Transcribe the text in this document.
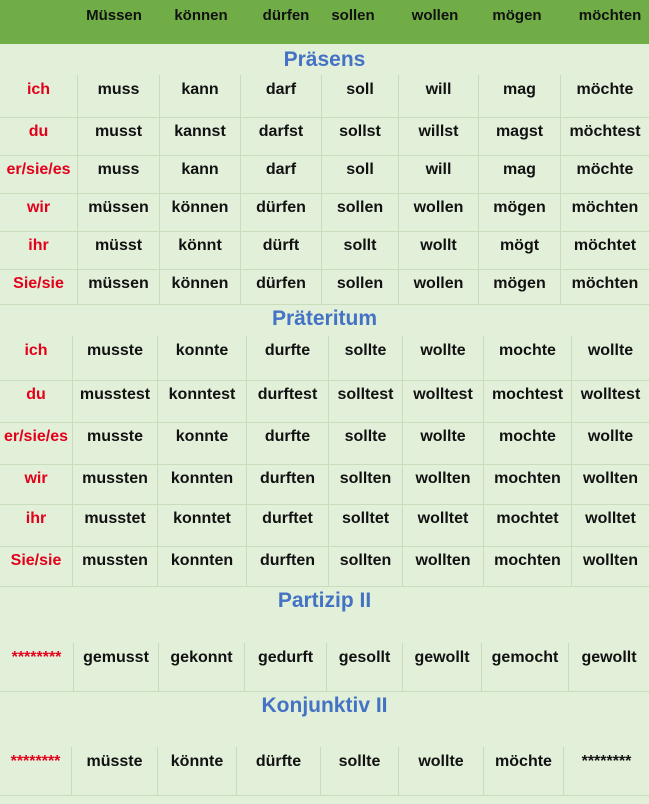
Müssen können dürfen sollen wollen mögen möchten
Präsens
ich	muss	kann	darf	soll	will	mag	möchte
du	musst	kannst	darfst	sollst	willst	magst	möchtest
er/sie/es	muss	kann	darf	soll	will	mag	möchte
wir	müssen	können	dürfen	sollen	wollen	mögen	möchten
ihr	müsst	könnt	dürft	sollt	wollt	mögt	möchtet
Sie/sie	müssen	können	dürfen	sollen	wollen	mögen	möchten
Präteritum
ich	musste	konnte	durfte	sollte	wollte	mochte	wollte
du	musstest	konntest	durftest	solltest	wolltest	mochtest	wolltest
er/sie/es	musste	konnte	durfte	sollte	wollte	mochte	wollte
wir	mussten	konnten	durften	sollten	wollten	mochten	wollten
ihr	musstet	konntet	durftet	solltet	wolltet	mochtet	wolltet
Sie/sie	mussten	konnten	durften	sollten	wollten	mochten	wollten
Partizip II
********	gemusst	gekonnt	gedurft	gesollt	gewollt	gemocht	gewollt
Konjunktiv II
********	müsste	könnte	dürfte	sollte	wollte	möchte	********
